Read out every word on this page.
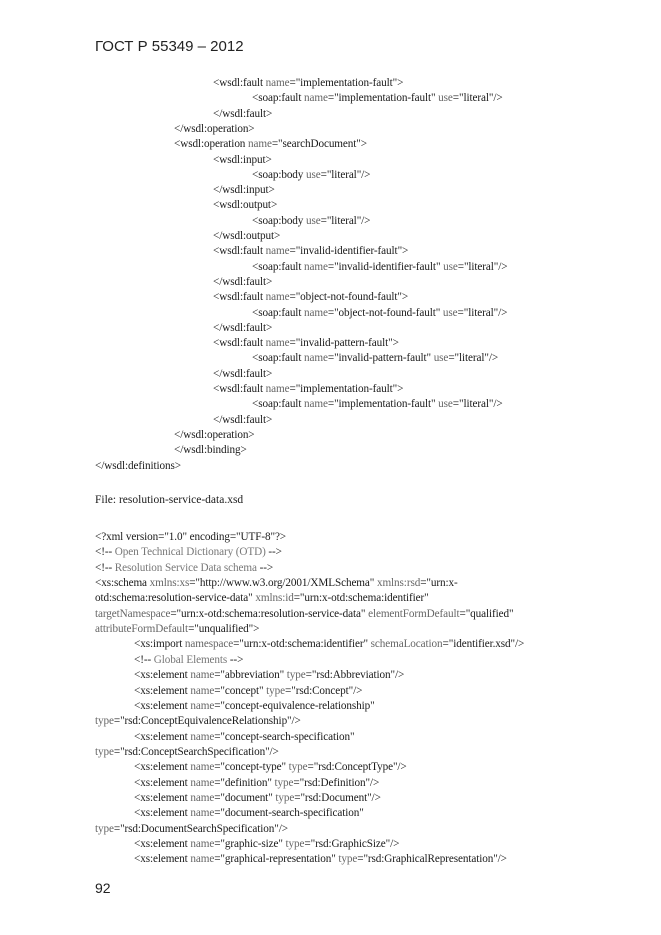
ГОСТ Р 55349 – 2012
<wsdl:fault name="implementation-fault">
<soap:fault name="implementation-fault" use="literal"/>
</wsdl:fault>
</wsdl:operation>
<wsdl:operation name="searchDocument">
<wsdl:input>
<soap:body use="literal"/>
</wsdl:input>
<wsdl:output>
<soap:body use="literal"/>
</wsdl:output>
<wsdl:fault name="invalid-identifier-fault">
<soap:fault name="invalid-identifier-fault" use="literal"/>
</wsdl:fault>
<wsdl:fault name="object-not-found-fault">
<soap:fault name="object-not-found-fault" use="literal"/>
</wsdl:fault>
<wsdl:fault name="invalid-pattern-fault">
<soap:fault name="invalid-pattern-fault" use="literal"/>
</wsdl:fault>
<wsdl:fault name="implementation-fault">
<soap:fault name="implementation-fault" use="literal"/>
</wsdl:fault>
</wsdl:operation>
</wsdl:binding>
</wsdl:definitions>
File: resolution-service-data.xsd
<?xml version="1.0" encoding="UTF-8"?>
<!-- Open Technical Dictionary (OTD) -->
<!-- Resolution Service Data schema -->
<xs:schema xmlns:xs="http://www.w3.org/2001/XMLSchema" xmlns:rsd="urn:x-
otd:schema:resolution-service-data" xmlns:id="urn:x-otd:schema:identifier"
targetNamespace="urn:x-otd:schema:resolution-service-data" elementFormDefault="qualified"
attributeFormDefault="unqualified">
<xs:import namespace="urn:x-otd:schema:identifier" schemaLocation="identifier.xsd"/>
<!-- Global Elements -->
<xs:element name="abbreviation" type="rsd:Abbreviation"/>
<xs:element name="concept" type="rsd:Concept"/>
<xs:element name="concept-equivalence-relationship"
type="rsd:ConceptEquivalenceRelationship"/>
<xs:element name="concept-search-specification"
type="rsd:ConceptSearchSpecification"/>
<xs:element name="concept-type" type="rsd:ConceptType"/>
<xs:element name="definition" type="rsd:Definition"/>
<xs:element name="document" type="rsd:Document"/>
<xs:element name="document-search-specification"
type="rsd:DocumentSearchSpecification"/>
<xs:element name="graphic-size" type="rsd:GraphicSize"/>
<xs:element name="graphical-representation" type="rsd:GraphicalRepresentation"/>
92
